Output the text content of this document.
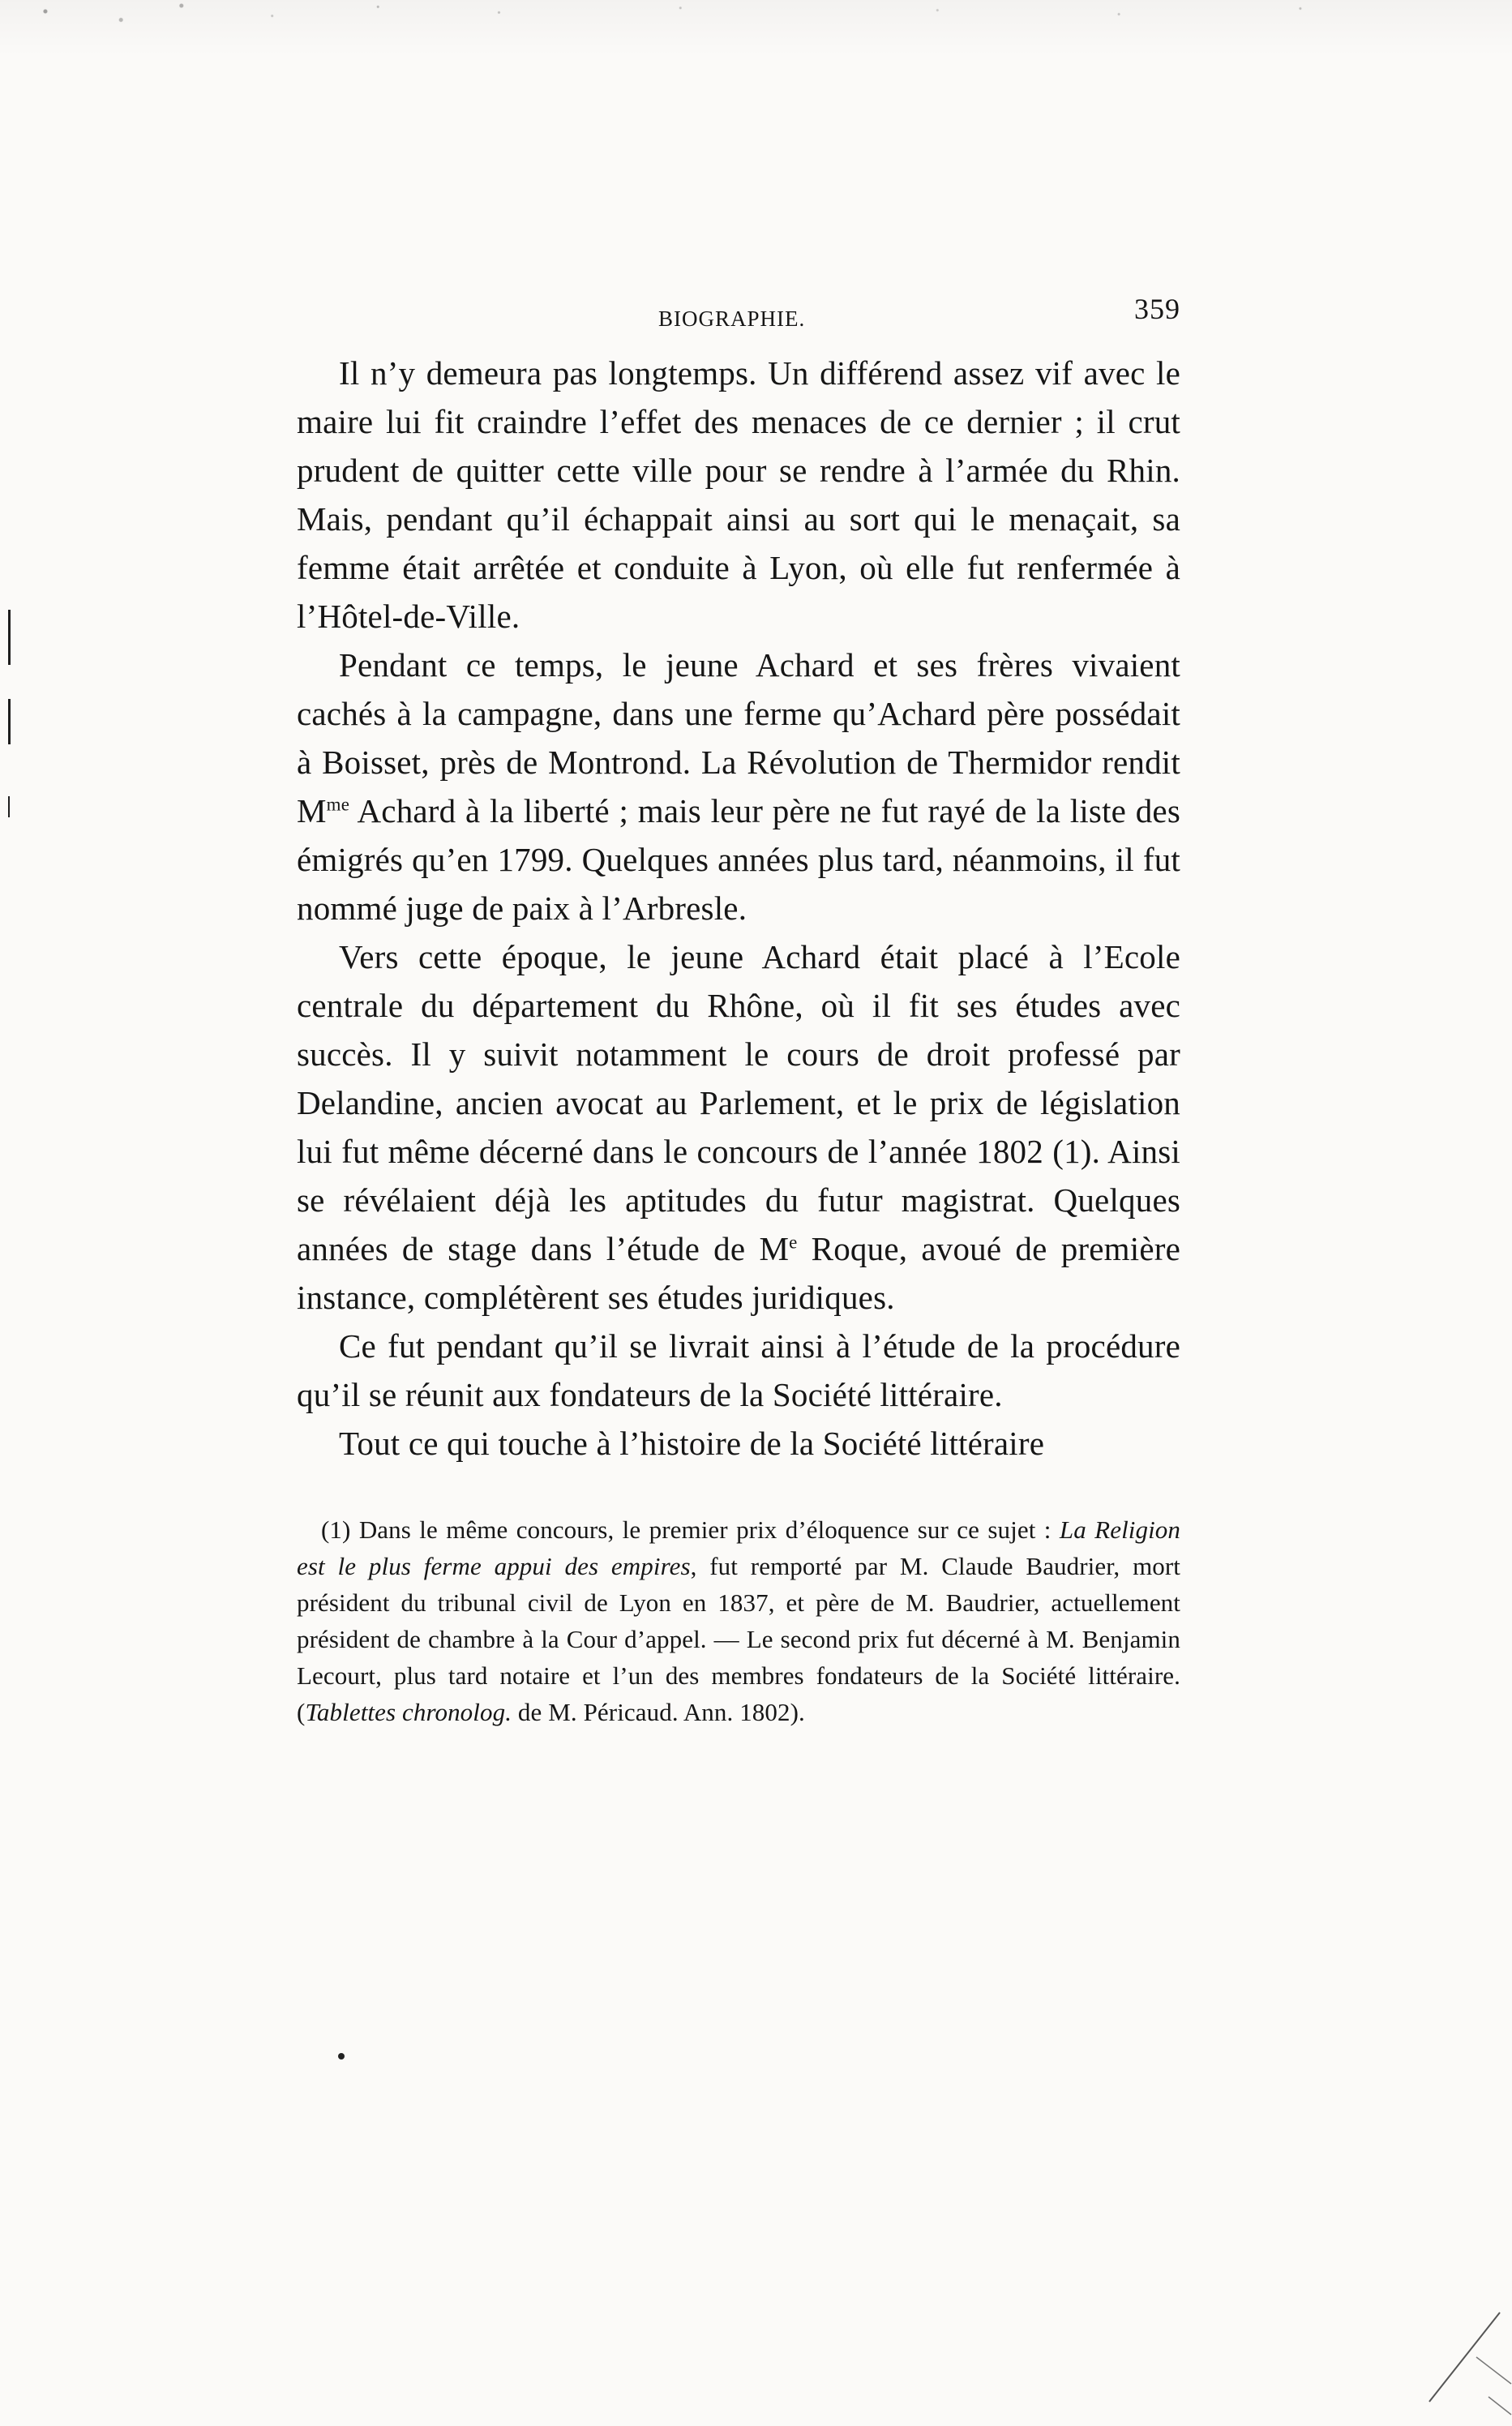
BIOGRAPHIE.	359

Il n’y demeura pas longtemps. Un différend assez vif avec le maire lui fit craindre l’effet des menaces de ce dernier ; il crut prudent de quitter cette ville pour se rendre à l’armée du Rhin. Mais, pendant qu’il échappait ainsi au sort qui le menaçait, sa femme était arrêtée et conduite à Lyon, où elle fut renfermée à l’Hôtel-de-Ville.

Pendant ce temps, le jeune Achard et ses frères vivaient cachés à la campagne, dans une ferme qu’Achard père possédait à Boisset, près de Montrond. La Révolution de Thermidor rendit $M^{me}$ Achard à la liberté ; mais leur père ne fut rayé de la liste des émigrés qu’en 1799. Quelques années plus tard, néanmoins, il fut nommé juge de paix à l’Arbresle.

Vers cette époque, le jeune Achard était placé à l’Ecole centrale du département du Rhône, où il fit ses études avec succès. Il y suivit notamment le cours de droit professé par Delandine, ancien avocat au Parlement, et le prix de législation lui fut même décerné dans le concours de l’année 1802 (1). Ainsi se révélaient déjà les aptitudes du futur magistrat. Quelques années de stage dans l’étude de Me Roque, avoué de première instance, complétèrent ses études juridiques.

Ce fut pendant qu’il se livrait ainsi à l’étude de la procédure qu’il se réunit aux fondateurs de la Société littéraire.

Tout ce qui touche à l’histoire de la Société littéraire

(1) Dans le même concours, le premier prix d’éloquence sur ce sujet : La Religion est le plus ferme appui des empires, fut remporté par M. Claude Baudrier, mort président du tribunal civil de Lyon en 1837, et père de M. Baudrier, actuellement président de chambre à la Cour d’appel. — Le second prix fut décerné à M. Benjamin Lecourt, plus tard notaire et l’un des membres fondateurs de la Société littéraire. (Tablettes chronolog. de M. Péricaud. Ann. 1802).
